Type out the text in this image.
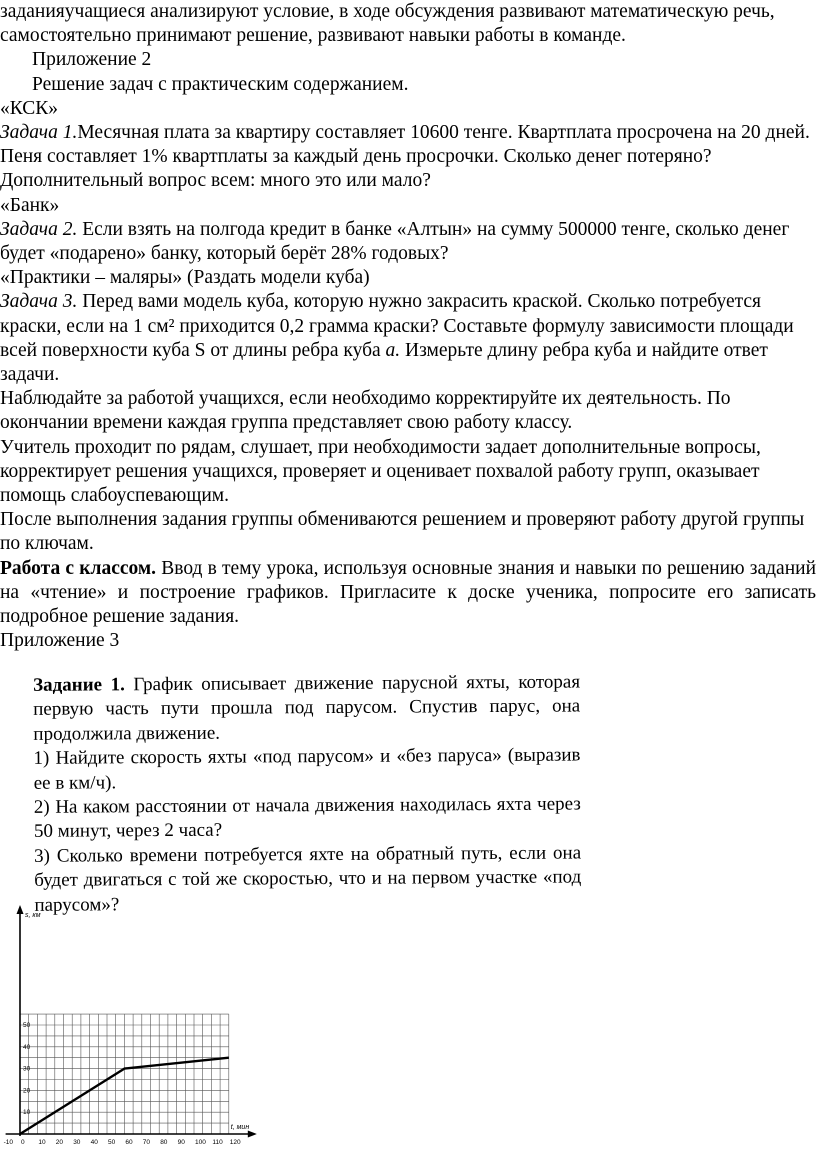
заданияучащиеся анализируют условие, в ходе обсуждения развивают математическую речь, самостоятельно принимают решение, развивают навыки работы в команде.

Приложение 2

Решение задач с практическим содержанием.

«КСК»

Задача 1.Месячная плата за квартиру составляет 10600 тенге. Квартплата просрочена на 20 дней. Пеня составляет 1% квартплаты за каждый день просрочки. Сколько денег потеряно?

Дополнительный вопрос всем: много это или мало?

«Банк»

Задача 2. Если взять на полгода кредит в банке «Алтын» на сумму 500000 тенге, сколько денег будет «подарено» банку, который берёт 28% годовых?

«Практики – маляры» (Раздать модели куба)

Задача 3. Перед вами модель куба, которую нужно закрасить краской. Сколько потребуется краски, если на 1 см² приходится 0,2 грамма краски? Составьте формулу зависимости площади всей поверхности куба S от длины ребра куба а. Измерьте длину ребра куба и найдите ответ задачи.

Наблюдайте за работой учащихся, если необходимо корректируйте их деятельность. По окончании времени каждая группа представляет свою работу классу.

Учитель проходит по рядам, слушает, при необходимости задает дополнительные вопросы, корректирует решения учащихся, проверяет и оценивает похвалой работу групп, оказывает помощь слабоуспевающим.

После выполнения задания группы обмениваются решением и проверяют работу другой группы по ключам.

Работа с классом. Ввод в тему урока, используя основные знания и навыки по решению заданий на «чтение» и построение графиков. Пригласите к доске ученика, попросите его записать подробное решение задания.

Приложение 3

Задание 1. График описывает движение парусной яхты, которая первую часть пути прошла под парусом. Спустив парус, она продолжила движение.

1) Найдите скорость яхты «под парусом» и «без паруса» (выразив ее в км/ч).

2) На каком расстоянии от начала движения находилась яхта через 50 минут, через 2 часа?

3) Сколько времени потребуется яхте на обратный путь, если она будет двигаться с той же скоростью, что и на первом участке «под парусом»?

-10 0 10 20 30 40 50 60 70 80 90 100 110 120
10
20
30
40
50
t, мин
s, км
